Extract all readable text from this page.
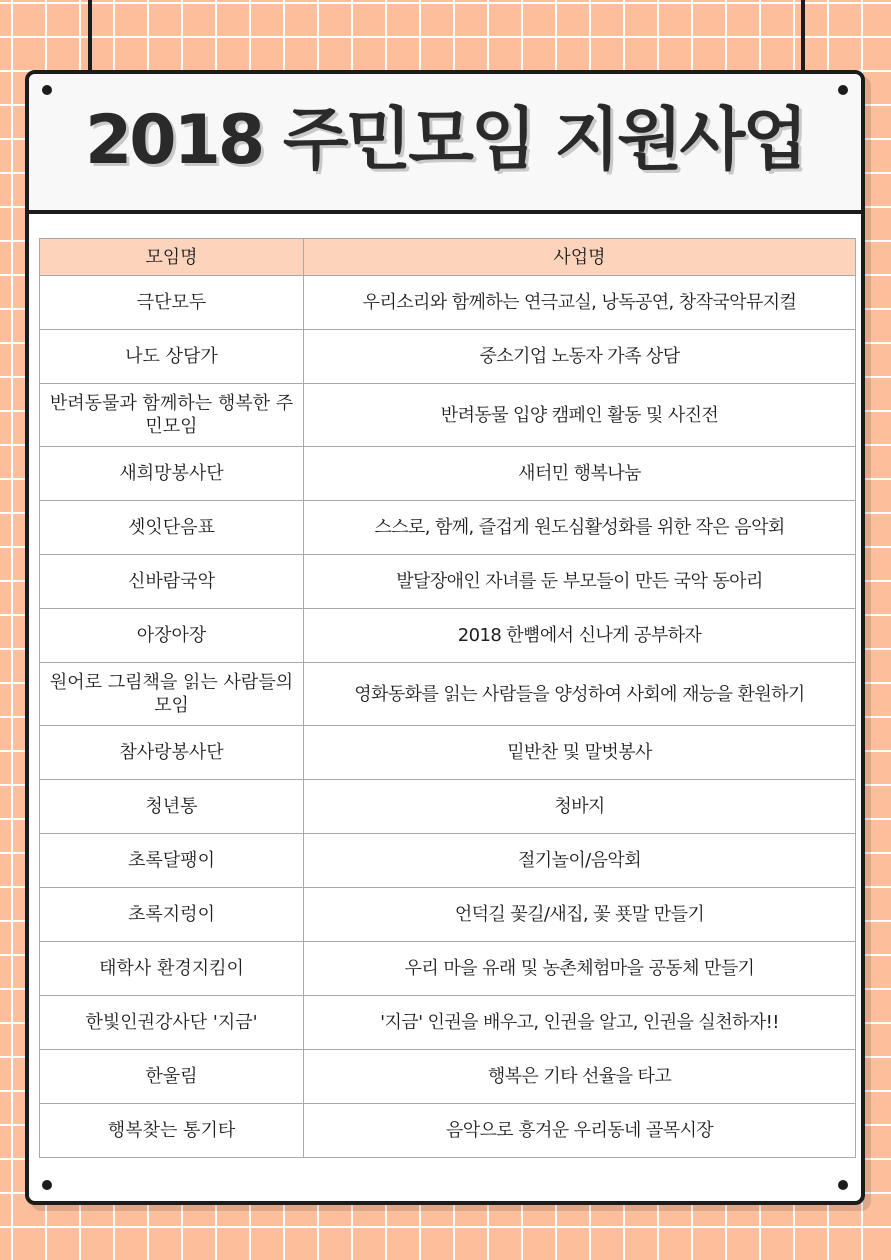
2018 주민모임 지원사업
모임명	사업명
극단모두	우리소리와 함께하는 연극교실, 낭독공연, 창작국악뮤지컬
나도 상담가	중소기업 노동자 가족 상담
반려동물과 함께하는 행복한 주민모임	반려동물 입양 캠페인 활동 및 사진전
새희망봉사단	새터민 행복나눔
셋잇단음표	스스로, 함께, 즐겁게 원도심활성화를 위한 작은 음악회
신바람국악	발달장애인 자녀를 둔 부모들이 만든 국악 동아리
아장아장	2018 한뼘에서 신나게 공부하자
원어로 그림책을 읽는 사람들의 모임	영화동화를 읽는 사람들을 양성하여 사회에 재능을 환원하기
참사랑봉사단	밑반찬 및 말벗봉사
청년통	청바지
초록달팽이	절기놀이/음악회
초록지렁이	언덕길 꽃길/새집, 꽃 푯말 만들기
태학사 환경지킴이	우리 마을 유래 및 농촌체험마을 공동체 만들기
한빛인권강사단 '지금'	'지금' 인권을 배우고, 인권을 알고, 인권을 실천하자!!
한울림	행복은 기타 선율을 타고
행복찾는 통기타	음악으로 흥겨운 우리동네 골목시장
